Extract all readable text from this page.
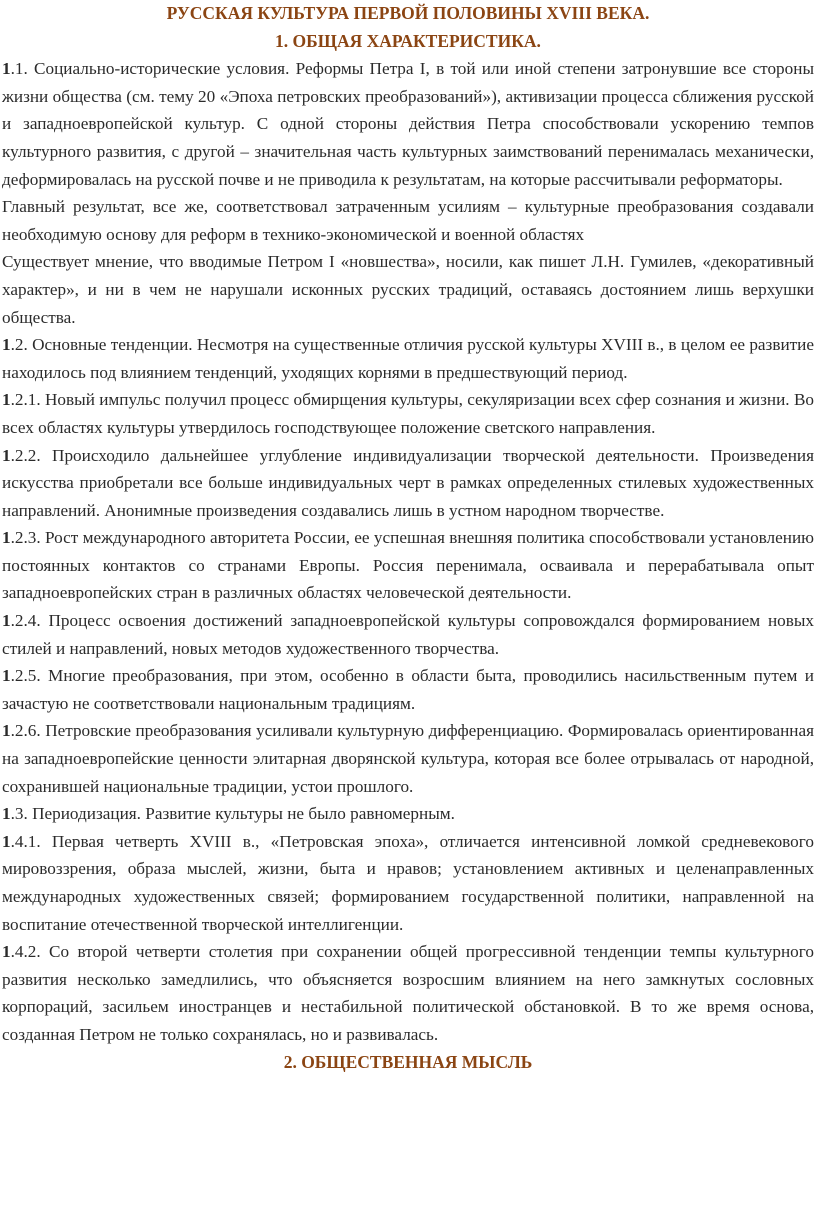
РУССКАЯ КУЛЬТУРА ПЕРВОЙ ПОЛОВИНЫ XVIII ВЕКА.
1. ОБЩАЯ ХАРАКТЕРИСТИКА.

1.1. Социально-исторические условия. Реформы Петра I, в той или иной степени затронувшие все стороны жизни общества (см. тему 20 «Эпоха петровских преобразований»), активизации процесса сближения русской и западноевропейской культур. С одной стороны действия Петра способствовали ускорению темпов культурного развития, с другой – значительная часть культурных заимствований перенималась механически, деформировалась на русской почве и не приводила к результатам, на которые рассчитывали реформаторы.

Главный результат, все же, соответствовал затраченным усилиям – культурные преобразования создавали необходимую основу для реформ в технико-экономической и военной областях

Существует мнение, что вводимые Петром I «новшества», носили, как пишет Л.Н. Гумилев, «декоративный характер», и ни в чем не нарушали исконных русских традиций, оставаясь достоянием лишь верхушки общества.

1.2. Основные тенденции. Несмотря на существенные отличия русской культуры XVIII в., в целом ее развитие находилось под влиянием тенденций, уходящих корнями в предшествующий период.

1.2.1. Новый импульс получил процесс обмирщения культуры, секуляризации всех сфер сознания и жизни. Во всех областях культуры утвердилось господствующее положение светского направления.

1.2.2. Происходило дальнейшее углубление индивидуализации творческой деятельности. Произведения искусства приобретали все больше индивидуальных черт в рамках определенных стилевых художественных направлений. Анонимные произведения создавались лишь в устном народном творчестве.

1.2.3. Рост международного авторитета России, ее успешная внешняя политика способствовали установлению постоянных контактов со странами Европы. Россия перенимала, осваивала и перерабатывала опыт западноевропейских стран в различных областях человеческой деятельности.

1.2.4. Процесс освоения достижений западноевропейской культуры сопровождался формированием новых стилей и направлений, новых методов художественного творчества.

1.2.5. Многие преобразования, при этом, особенно в области быта, проводились насильственным путем и зачастую не соответствовали национальным традициям.

1.2.6. Петровские преобразования усиливали культурную дифференциацию. Формировалась ориентированная на западноевропейские ценности элитарная дворянской культура, которая все более отрывалась от народной, сохранившей национальные традиции, устои прошлого.

1.3. Периодизация. Развитие культуры не было равномерным.

1.4.1. Первая четверть XVIII в., «Петровская эпоха», отличается интенсивной ломкой средневекового мировоззрения, образа мыслей, жизни, быта и нравов; установлением активных и целенаправленных международных художественных связей; формированием государственной политики, направленной на воспитание отечественной творческой интеллигенции.

1.4.2. Со второй четверти столетия при сохранении общей прогрессивной тенденции темпы культурного развития несколько замедлились, что объясняется возросшим влиянием на него замкнутых сословных корпораций, засильем иностранцев и нестабильной политической обстановкой. В то же время основа, созданная Петром не только сохранялась, но и развивалась.

2. ОБЩЕСТВЕННАЯ МЫСЛЬ
